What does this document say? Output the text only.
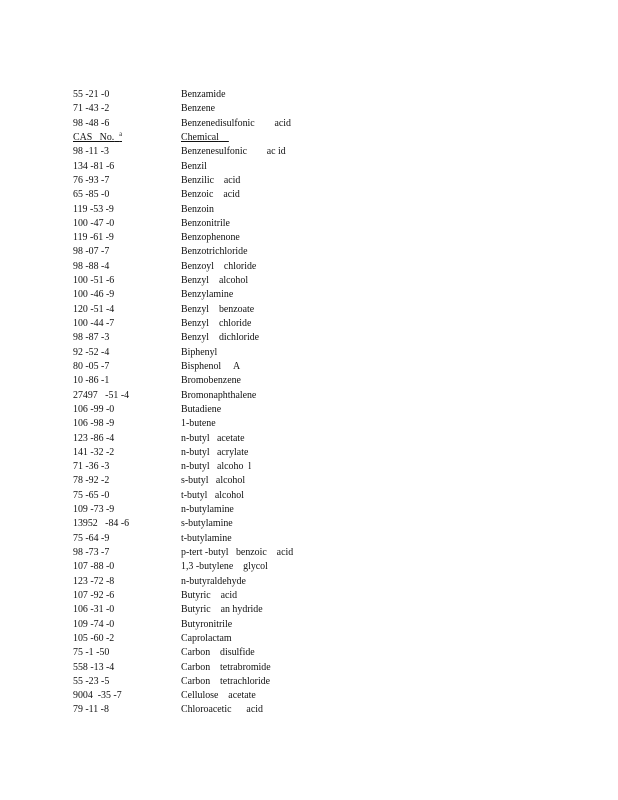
55 -21 -0	Benzamide
71 -43 -2	Benzene
98 -48 -6	Benzenedisulfonic        acid
CAS   No. $^a$	Chemical
98 -11 -3	Benzenesulfonic        ac id
134 -81 -6	Benzil
76 -93 -7	Benzilic    acid
65 -85 -0	Benzoic    acid
119 -53 -9	Benzoin
100 -47 -0	Benzonitrile
119 -61 -9	Benzophenone
98 -07 -7	Benzotrichloride
98 -88 -4	Benzoyl    chloride
100 -51 -6	Benzyl    alcohol
100 -46 -9	Benzylamine
120 -51 -4	Benzyl    benzoate
100 -44 -7	Benzyl    chloride
98 -87 -3	Benzyl    dichloride
92 -52 -4	Biphenyl
80 -05 -7	Bisphenol     A
10 -86 -1	Bromobenzene
27497   -51 -4	Bromonaphthalene
106 -99 -0	Butadiene
106 -98 -9	1-butene
123 -86 -4	n-butyl   acetate
141 -32 -2	n-butyl   acrylate
71 -36 -3	n-butyl   alcoho  l
78 -92 -2	s-butyl   alcohol
75 -65 -0	t-butyl   alcohol
109 -73 -9	n-butylamine
13952   -84 -6	s-butylamine
75 -64 -9	t-butylamine
98 -73 -7	p-tert -butyl   benzoic    acid
107 -88 -0	1,3 -butylene    glycol
123 -72 -8	n-butyraldehyde
107 -92 -6	Butyric    acid
106 -31 -0	Butyric    an hydride
109 -74 -0	Butyronitrile
105 -60 -2	Caprolactam
75 -1 -50	Carbon    disulfide
558 -13 -4	Carbon    tetrabromide
55 -23 -5	Carbon    tetrachloride
9004  -35 -7	Cellulose    acetate
79 -11 -8	Chloroacetic      acid
